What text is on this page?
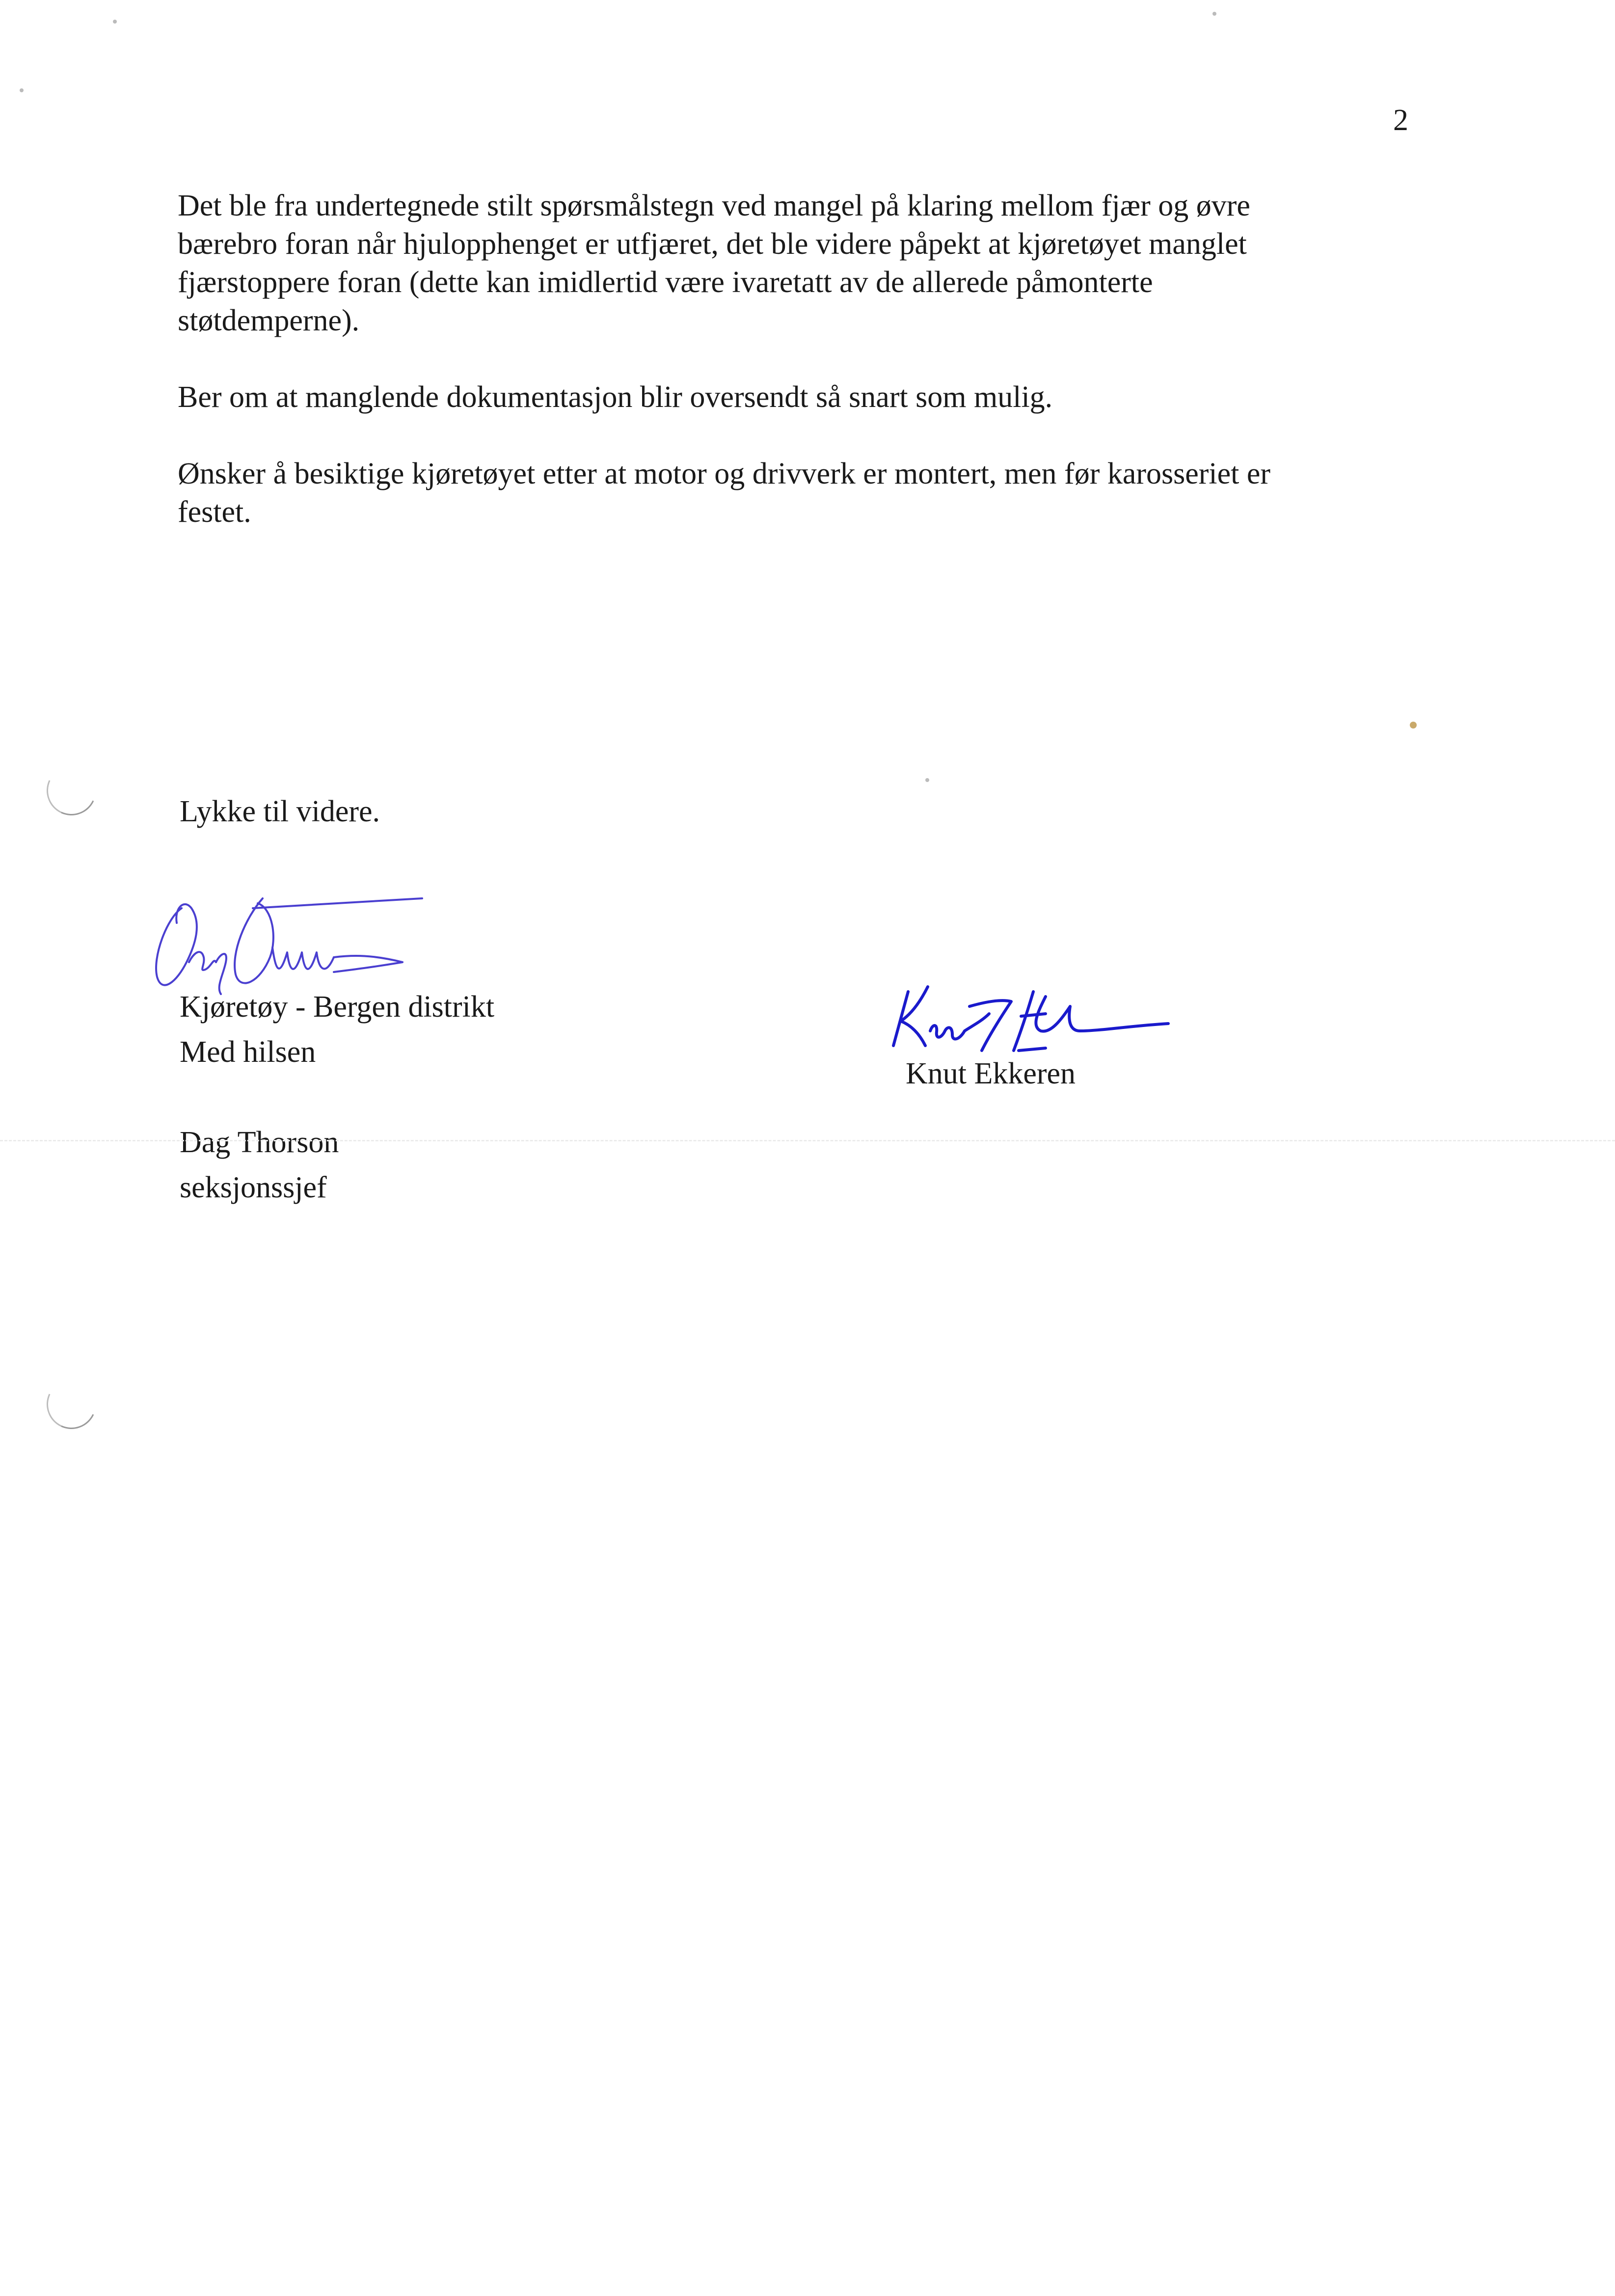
2

Det ble fra undertegnede stilt spørsmålstegn ved mangel på klaring mellom fjær og øvre
bærebro foran når hjulopphenget er utfjæret, det ble videre påpekt at kjøretøyet manglet
fjærstoppere foran (dette kan imidlertid være ivaretatt av de allerede påmonterte
støtdemperne).

Ber om at manglende dokumentasjon blir oversendt så snart som mulig.

Ønsker å besiktige kjøretøyet etter at motor og drivverk er montert, men før karosseriet er
festet.

Lykke til videre.
Kjøretøy - Bergen distrikt
Med hilsen
Dag Thorson
seksjonssjef
Knut Ekkeren
